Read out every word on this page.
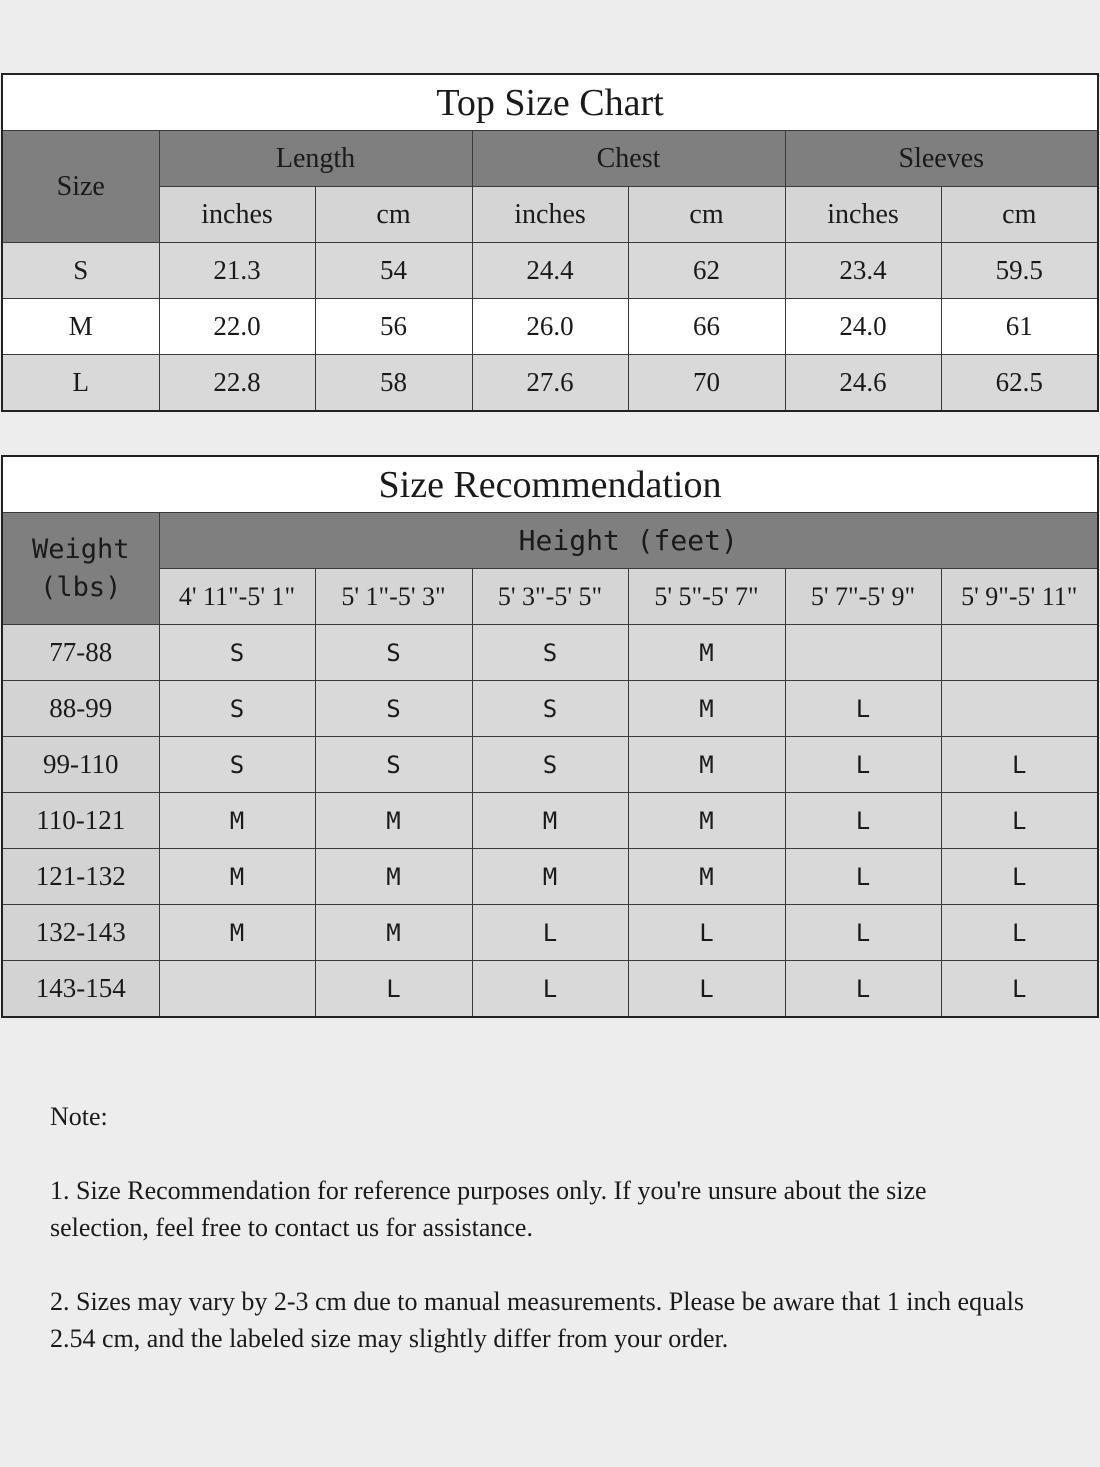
Top Size Chart						
Size	Length		Chest		Sleeves	
	inches	cm	inches	cm	inches	cm
S	21.3	54	24.4	62	23.4	59.5
M	22.0	56	26.0	66	24.0	61
L	22.8	58	27.6	70	24.6	62.5
Size Recommendation						

Weight
(lbs)	Height (feet)					
	4' 11"-5' 1"	5' 1"-5' 3"	5' 3"-5' 5"	5' 5"-5' 7"	5' 7"-5' 9"	5' 9"-5' 11"
77-88	S	S	S	M		
88-99	S	S	S	M	L	
99-110	S	S	S	M	L	L
110-121	M	M	M	M	L	L
121-132	M	M	M	M	L	L
132-143	M	M	L	L	L	L
143-154		L	L	L	L	L

Note:

1. Size Recommendation for reference purposes only. If you're unsure about the size selection, feel free to contact us for assistance.

2. Sizes may vary by 2-3 cm due to manual measurements. Please be aware that 1 inch equals 2.54 cm, and the labeled size may slightly differ from your order.
